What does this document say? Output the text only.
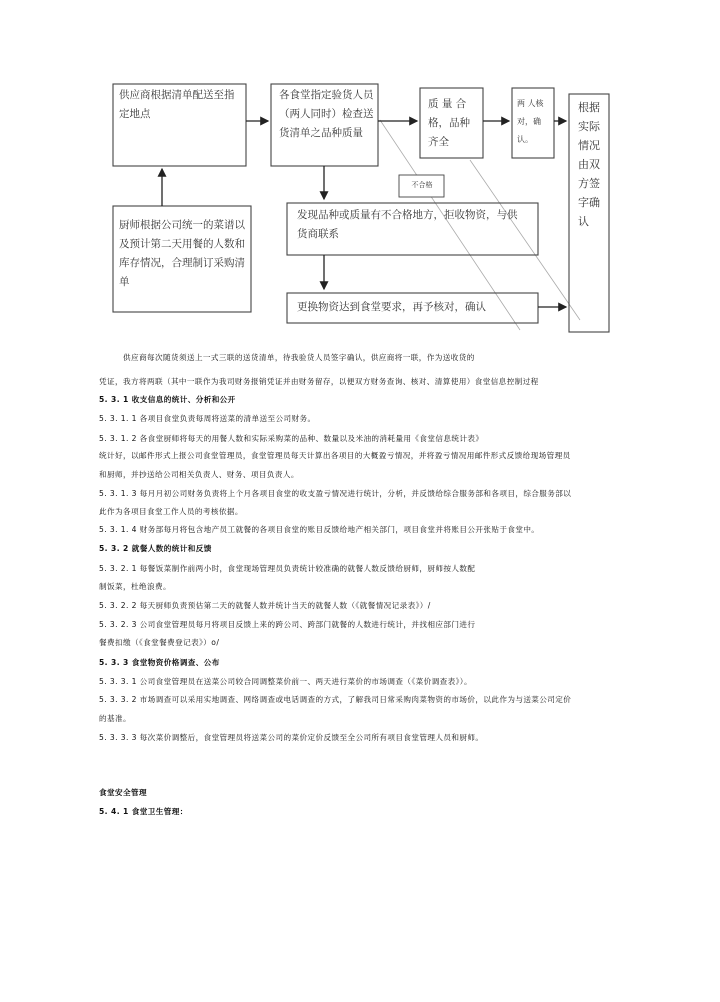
供应商根据清单配送至指定地点
各食堂指定验货人员（两人同时）检查送货清单之品种质量
质 量 合格，品种齐全
两 人核对，确认。
根据实际情况由双方签字确认
厨师根据公司统一的菜谱以及预计第二天用餐的人数和库存情况，合理制订采购清单
不合格
发现品种或质量有不合格地方，拒收物资，与供货商联系
更换物资达到食堂要求，再予核对，确认
供应商每次随货须送上一式三联的送货清单，待我验货人员签字确认，供应商将一联，作为送收货的
凭证，我方将两联（其中一联作为我司财务报销凭证并由财务留存，以便双方财务查询、核对、清算使用）食堂信息控制过程
5. 3. 1 收支信息的统计、分析和公开
5. 3. 1. 1 各项目食堂负责每周将送菜的清单送至公司财务。
5. 3. 1. 2 各食堂厨师将每天的用餐人数和实际采购菜的品种、数量以及米油的消耗量用《食堂信息统计表》
统计好，以邮件形式上报公司食堂管理员，食堂管理员每天计算出各项目的大概盈亏情况，并将盈亏情况用邮件形式反馈给现场管理员
和厨师，并抄送给公司相关负责人、财务、项目负责人。
5. 3. 1. 3 每月月初公司财务负责将上个月各项目食堂的收支盈亏情况进行统计，分析，并反馈给综合服务部和各项目，综合服务部以
此作为各项目食堂工作人员的考核依据。
5. 3. 1. 4 财务部每月将包含地产员工就餐的各项目食堂的账目反馈给地产相关部门，项目食堂并将账目公开张贴于食堂中。
5. 3. 2 就餐人数的统计和反馈
5. 3. 2. 1 每餐饭菜制作前两小时，食堂现场管理员负责统计较准确的就餐人数反馈给厨师，厨师按人数配
制饭菜，杜绝浪费。
5. 3. 2. 2 每天厨师负责预估第二天的就餐人数并统计当天的就餐人数（《就餐情况记录表》）/
5. 3. 2. 3 公司食堂管理员每月将项目反馈上来的跨公司、跨部门就餐的人数进行统计，并找相应部门进行
餐费扣缴（《食堂餐费登记表》）o/
5. 3. 3 食堂物资价格调查、公布
5. 3. 3. 1 公司食堂管理员在送菜公司较合同调整菜价前一、两天进行菜价的市场调查（《菜价调查表》）。
5. 3. 3. 2 市场调查可以采用实地调查、网络调查或电话调查的方式，了解我司日常采购肉菜物资的市场价，以此作为与送菜公司定价
的基准。
5. 3. 3. 3 每次菜价调整后，食堂管理员将送菜公司的菜价定价反馈至全公司所有项目食堂管理人员和厨师。
食堂安全管理
5. 4. 1 食堂卫生管理：
